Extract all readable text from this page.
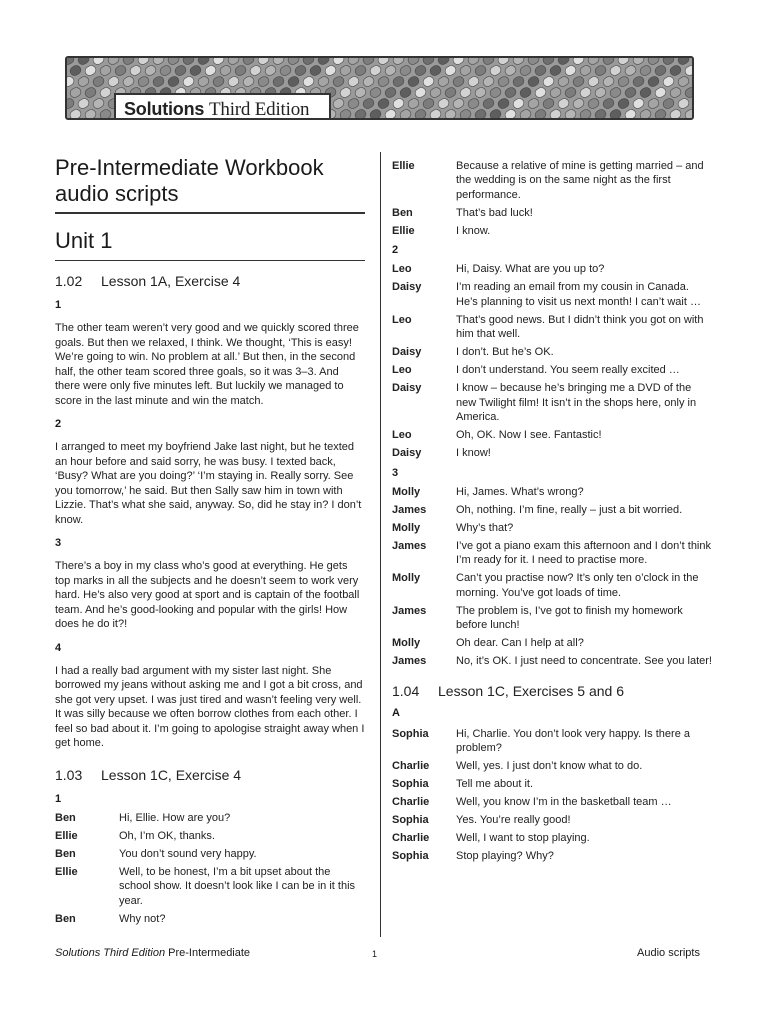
Solutions Third Edition
Pre-Intermediate Workbook
audio scripts
Unit 1
1.02 Lesson 1A, Exercise 4
1
The other team weren’t very good and we quickly scored three goals. But then we relaxed, I think. We thought, ‘This is easy! We’re going to win. No problem at all.’ But then, in the second half, the other team scored three goals, so it was 3–3. And there were only five minutes left. But luckily we managed to score in the last minute and win the match.
2
I arranged to meet my boyfriend Jake last night, but he texted an hour before and said sorry, he was busy. I texted back, ‘Busy? What are you doing?’ ‘I’m staying in. Really sorry. See you tomorrow,’ he said. But then Sally saw him in town with Lizzie. That’s what she said, anyway. So, did he stay in? I don’t know.
3
There’s a boy in my class who’s good at everything. He gets top marks in all the subjects and he doesn’t seem to work very hard. He’s also very good at sport and is captain of the football team. And he’s good-looking and popular with the girls! How does he do it?!
4
I had a really bad argument with my sister last night. She borrowed my jeans without asking me and I got a bit cross, and she got very upset. I was just tired and wasn’t feeling very well. It was silly because we often borrow clothes from each other. I feel so bad about it. I’m going to apologise straight away when I get home.
1.03 Lesson 1C, Exercise 4
1
Ben	Hi, Ellie. How are you?
Ellie	Oh, I’m OK, thanks.
Ben	You don’t sound very happy.
Ellie	Well, to be honest, I’m a bit upset about the school show. It doesn’t look like I can be in it this year.
Ben	Why not?
Ellie	Because a relative of mine is getting married – and the wedding is on the same night as the first performance.
Ben	That’s bad luck!
Ellie	I know.
2
Leo	Hi, Daisy. What are you up to?
Daisy	I’m reading an email from my cousin in Canada. He’s planning to visit us next month! I can’t wait …
Leo	That’s good news. But I didn’t think you got on with him that well.
Daisy	I don’t. But he’s OK.
Leo	I don’t understand. You seem really excited …
Daisy	I know – because he’s bringing me a DVD of the new Twilight film! It isn’t in the shops here, only in America.
Leo	Oh, OK. Now I see. Fantastic!
Daisy	I know!
3
Molly	Hi, James. What’s wrong?
James	Oh, nothing. I’m fine, really – just a bit worried.
Molly	Why’s that?
James	I’ve got a piano exam this afternoon and I don’t think I’m ready for it. I need to practise more.
Molly	Can’t you practise now? It’s only ten o’clock in the morning. You’ve got loads of time.
James	The problem is, I’ve got to finish my homework before lunch!
Molly	Oh dear. Can I help at all?
James	No, it’s OK. I just need to concentrate. See you later!
1.04 Lesson 1C, Exercises 5 and 6
A
Sophia	Hi, Charlie. You don’t look very happy. Is there a problem?
Charlie	Well, yes. I just don’t know what to do.
Sophia	Tell me about it.
Charlie	Well, you know I’m in the basketball team …
Sophia	Yes. You’re really good!
Charlie	Well, I want to stop playing.
Sophia	Stop playing? Why?
Solutions Third Edition Pre-Intermediate	1	Audio scripts
